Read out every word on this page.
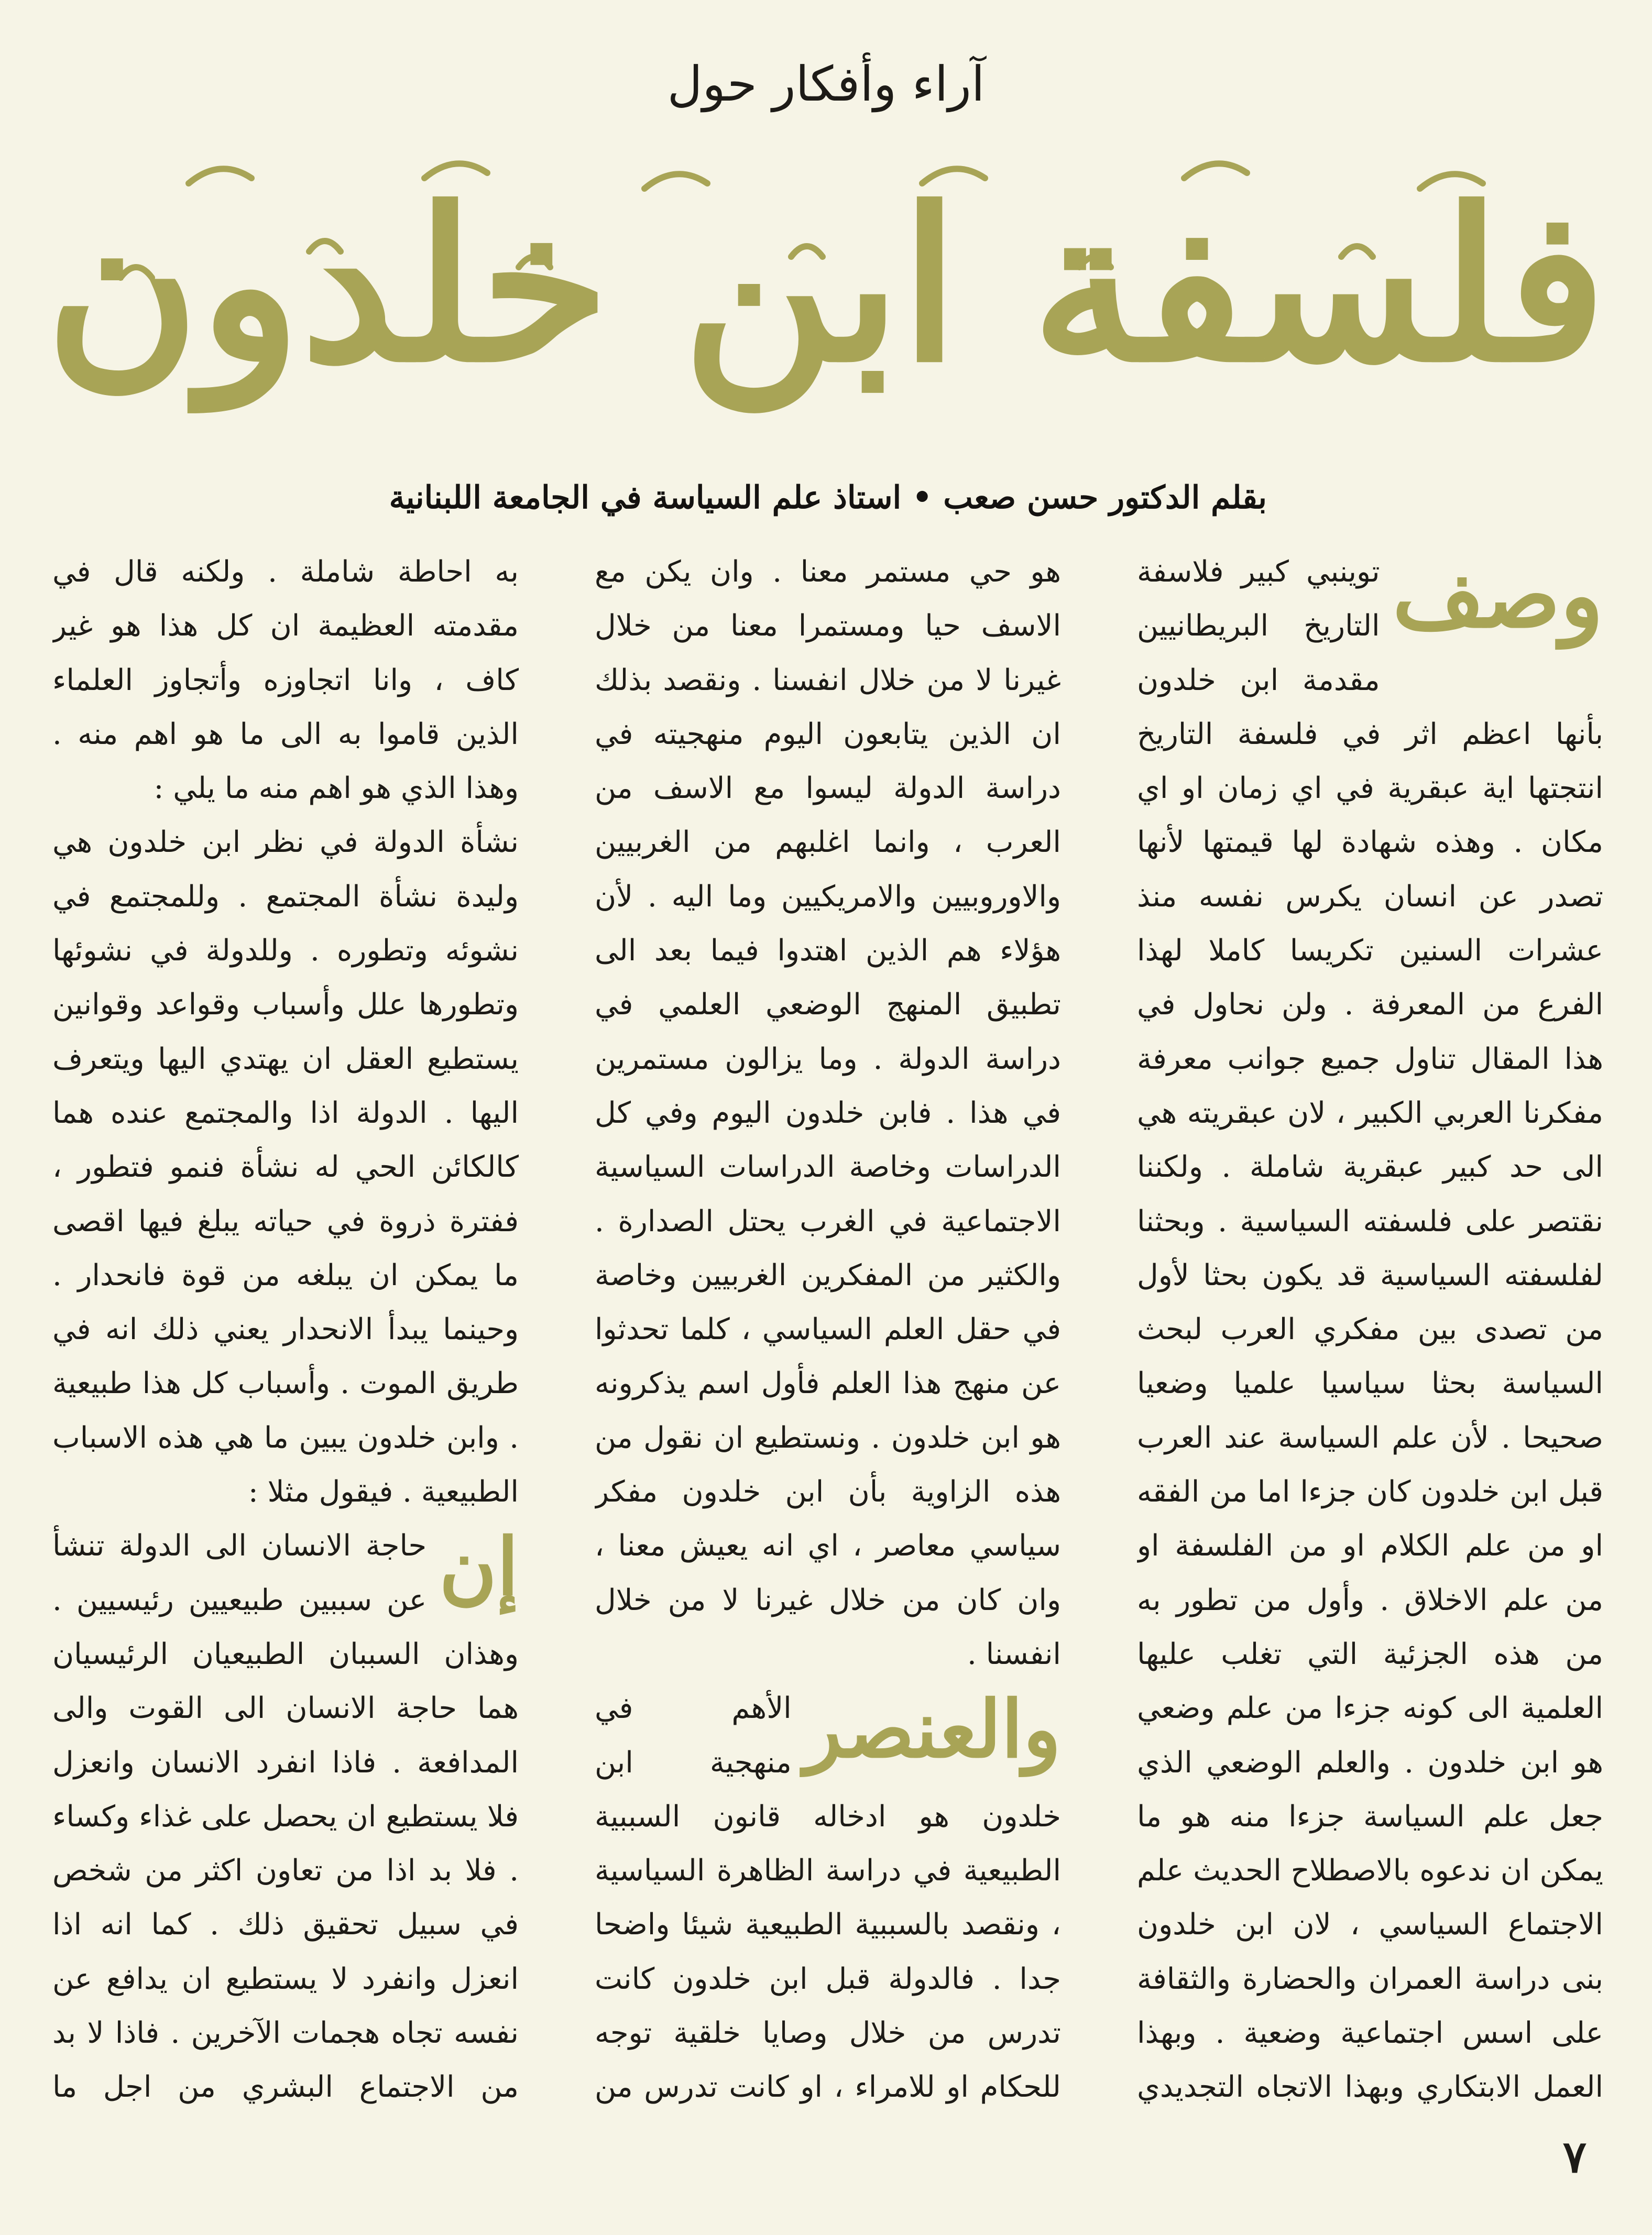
آراء وأفكار حول
فلسفة ابن خلدون
بقلم الدكتور حسن صعب • استاذ علم السياسة في الجامعة اللبنانية
وصف

توينبي كبير فلاسفة التاريخ البريطانيين مقدمة ابن خلدون بأنها اعظم اثر في فلسفة التاريخ انتجتها اية عبقرية في اي زمان او اي مكان . وهذه شهادة لها قيمتها لأنها تصدر عن انسان يكرس نفسه منذ عشرات السنين تكريسا كاملا لهذا الفرع من المعرفة . ولن نحاول في هذا المقال تناول جميع جوانب معرفة مفكرنا العربي الكبير ، لان عبقريته هي الى حد كبير عبقرية شاملة . ولكننا نقتصر على فلسفته السياسية . وبحثنا لفلسفته السياسية قد يكون بحثا لأول من تصدى بين مفكري العرب لبحث السياسة بحثا سياسيا علميا وضعيا صحيحا . لأن علم السياسة عند العرب قبل ابن خلدون كان جزءا اما من الفقه او من علم الكلام او من الفلسفة او من علم الاخلاق . وأول من تطور به من هذه الجزئية التي تغلب عليها العلمية الى كونه جزءا من علم وضعي هو ابن خلدون . والعلم الوضعي الذي جعل علم السياسة جزءا منه هو ما يمكن ان ندعوه بالاصطلاح الحديث علم الاجتماع السياسي ، لان ابن خلدون بنى دراسة العمران والحضارة والثقافة على اسس اجتماعية وضعية . وبهذا العمل الابتكاري وبهذا الاتجاه التجديدي

هو حي مستمر معنا . وان يكن مع الاسف حيا ومستمرا معنا من خلال غيرنا لا من خلال انفسنا . ونقصد بذلك ان الذين يتابعون اليوم منهجيته في دراسة الدولة ليسوا مع الاسف من العرب ، وانما اغلبهم من الغربيين والاوروبيين والامريكيين وما اليه . لأن هؤلاء هم الذين اهتدوا فيما بعد الى تطبيق المنهج الوضعي العلمي في دراسة الدولة . وما يزالون مستمرين في هذا . فابن خلدون اليوم وفي كل الدراسات وخاصة الدراسات السياسية الاجتماعية في الغرب يحتل الصدارة . والكثير من المفكرين الغربيين وخاصة في حقل العلم السياسي ، كلما تحدثوا عن منهج هذا العلم فأول اسم يذكرونه هو ابن خلدون . ونستطيع ان نقول من هذه الزاوية بأن ابن خلدون مفكر سياسي معاصر ، اي انه يعيش معنا ، وان كان من خلال غيرنا لا من خلال انفسنا .

والعنصر

الأهم في منهجية ابن خلدون هو ادخاله قانون السببية الطبيعية في دراسة الظاهرة السياسية ، ونقصد بالسببية الطبيعية شيئا واضحا جدا . فالدولة قبل ابن خلدون كانت تدرس من خلال وصايا خلقية توجه للحكام او للامراء ، او كانت تدرس من

به احاطة شاملة . ولكنه قال في مقدمته العظيمة ان كل هذا هو غير كاف ، وانا اتجاوزه وأتجاوز العلماء الذين قاموا به الى ما هو اهم منه . وهذا الذي هو اهم منه ما يلي :

نشأة الدولة في نظر ابن خلدون هي وليدة نشأة المجتمع . وللمجتمع في نشوئه وتطوره . وللدولة في نشوئها وتطورها علل وأسباب وقواعد وقوانين يستطيع العقل ان يهتدي اليها ويتعرف اليها . الدولة اذا والمجتمع عنده هما كالكائن الحي له نشأة فنمو فتطور ، ففترة ذروة في حياته يبلغ فيها اقصى ما يمكن ان يبلغه من قوة فانحدار . وحينما يبدأ الانحدار يعني ذلك انه في طريق الموت . وأسباب كل هذا طبيعية . وابن خلدون يبين ما هي هذه الاسباب الطبيعية . فيقول مثلا :

إن

حاجة الانسان الى الدولة تنشأ عن سببين طبيعيين رئيسيين . وهذان السببان الطبيعيان الرئيسيان هما حاجة الانسان الى القوت والى المدافعة . فاذا انفرد الانسان وانعزل فلا يستطيع ان يحصل على غذاء وكساء . فلا بد اذا من تعاون اكثر من شخص في سبيل تحقيق ذلك . كما انه اذا انعزل وانفرد لا يستطيع ان يدافع عن نفسه تجاه هجمات الآخرين . فاذا لا بد من الاجتماع البشري من اجل ما

٧
